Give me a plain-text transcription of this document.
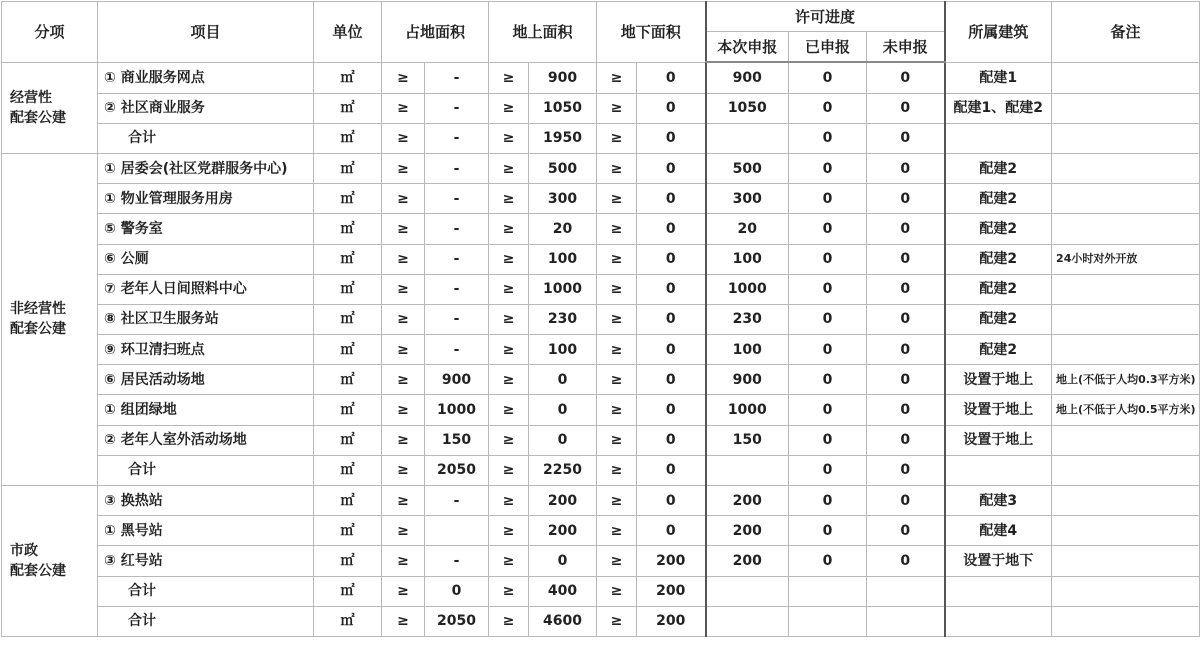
分项	项目	单位	占地面积		地上面积		地下面积		许可进度			所属建筑	备注
									本次申报	已申报	未申报		
经营性
配套公建	① 商业服务网点	㎡	≥	-	≥	900	≥	0	900	0	0	配建1	
	② 社区商业服务	㎡	≥	-	≥	1050	≥	0	1050	0	0	配建1、配建2	
	合计	㎡	≥	-	≥	1950	≥	0		0	0		
非经营性
配套公建	① 居委会(社区党群服务中心)	㎡	≥	-	≥	500	≥	0	500	0	0	配建2	
	① 物业管理服务用房	㎡	≥	-	≥	300	≥	0	300	0	0	配建2	
	⑤ 警务室	㎡	≥	-	≥	20	≥	0	20	0	0	配建2	
	⑥ 公厕	㎡	≥	-	≥	100	≥	0	100	0	0	配建2	24小时对外开放
	⑦ 老年人日间照料中心	㎡	≥	-	≥	1000	≥	0	1000	0	0	配建2	
	⑧ 社区卫生服务站	㎡	≥	-	≥	230	≥	0	230	0	0	配建2	
	⑨ 环卫清扫班点	㎡	≥	-	≥	100	≥	0	100	0	0	配建2	
	⑥ 居民活动场地	㎡	≥	900	≥	0	≥	0	900	0	0	设置于地上	地上(不低于人均0.3平方米)
	① 组团绿地	㎡	≥	1000	≥	0	≥	0	1000	0	0	设置于地上	地上(不低于人均0.5平方米)
	② 老年人室外活动场地	㎡	≥	150	≥	0	≥	0	150	0	0	设置于地上	
	合计	㎡	≥	2050	≥	2250	≥	0		0	0		
市政
配套公建	③ 换热站	㎡	≥	-	≥	200	≥	0	200	0	0	配建3	
	① 黑号站	㎡	≥		≥	200	≥	0	200	0	0	配建4	
	③ 红号站	㎡	≥	-	≥	0	≥	200	200	0	0	设置于地下	
	合计	㎡	≥	0	≥	400	≥	200					
	合计	㎡	≥	2050	≥	4600	≥	200					
